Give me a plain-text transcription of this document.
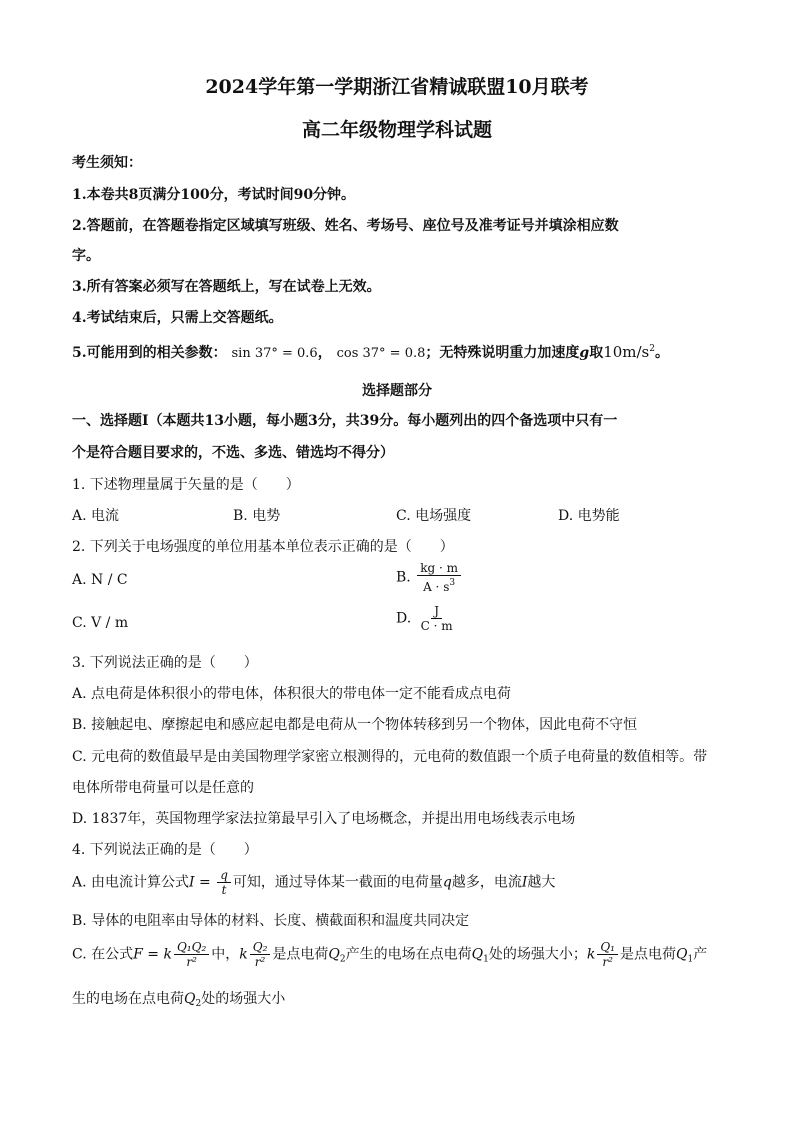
2024学年第一学期浙江省精诚联盟10月联考
高二年级物理学科试题
考生须知：
1.本卷共8页满分100分，考试时间90分钟。
2.答题前，在答题卷指定区域填写班级、姓名、考场号、座位号及准考证号并填涂相应数
字。
3.所有答案必须写在答题纸上，写在试卷上无效。
4.考试结束后，只需上交答题纸。
5.可能用到的相关参数： sin 37° = 0.6， cos 37° = 0.8；无特殊说明重力加速度g取$10m/s^2$。
选择题部分
一、选择题Ⅰ（本题共13小题，每小题3分，共39分。每小题列出的四个备选项中只有一
个是符合题目要求的，不选、多选、错选均不得分）
1. 下述物理量属于矢量的是（　　）
A. 电流	B. 电势	C. 电场强度	D. 电势能
2. 下列关于电场强度的单位用基本单位表示正确的是（　　）
A. N / C	B. $\frac{kg \cdot m}{A \cdot s^3}$
C. V / m	D. $\frac{J}{C \cdot m}$
3. 下列说法正确的是（　　）
A. 点电荷是体积很小的带电体，体积很大的带电体一定不能看成点电荷
B. 接触起电、摩擦起电和感应起电都是电荷从一个物体转移到另一个物体，因此电荷不守恒
C. 元电荷的数值最早是由美国物理学家密立根测得的，元电荷的数值跟一个质子电荷量的数值相等。带
电体所带电荷量可以是任意的
D. 1837年，英国物理学家法拉第最早引入了电场概念，并提出用电场线表示电场
4. 下列说法正确的是（　　）
A. 由电流计算公式$I = \frac{q}{t}$ 可知，通过导体某一截面的电荷量q越多，电流I越大
B. 导体的电阻率由导体的材料、长度、横截面积和温度共同决定
C. 在公式F = k $\frac{\text{Q₁Q₂}}{\text{r²}}$ 中，k $\frac{\text{Q₂}}{\text{r²}}$ 是点电荷$Q_2$产生的电场在点电荷$Q_1$处的场强大小；k $\frac{\text{Q₁}}{\text{r²}}$ 是点电荷$Q_1$产
生的电场在点电荷$Q_2$处的场强大小
